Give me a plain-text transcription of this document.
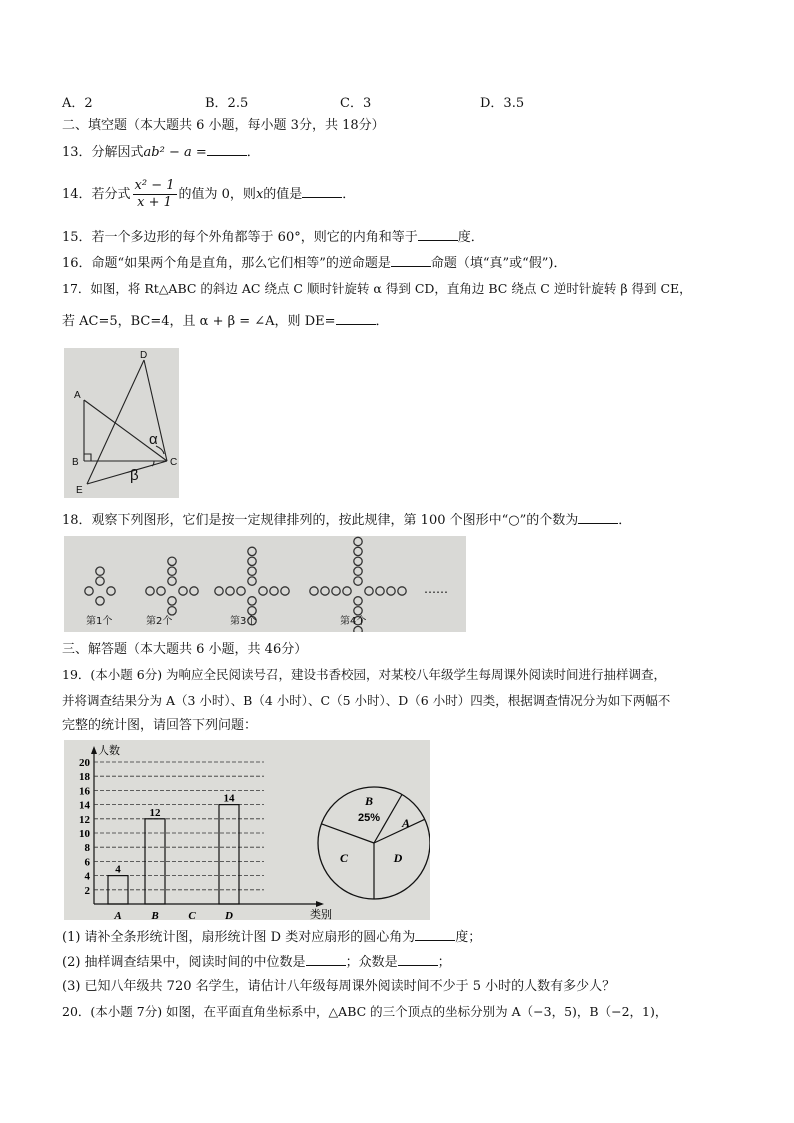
A．2	B．2.5	C．3	D．3.5
二、填空题（本大题共 6 小题，每小题 3分，共 18分）
13．分解因式ab² − a =	．
14．若分式 $\frac{\text{x² − 1}}{x + 1}$ 的值为 0，则x的值是	．
15．若一个多边形的每个外角都等于 60°，则它的内角和等于	度．
16．命题“如果两个角是直角，那么它们相等”的逆命题是	命题（填“真”或“假”)．
17．如图，将 Rt△ABC 的斜边 AC 绕点 C 顺时针旋转 α 得到 CD，直角边 BC 绕点 C 逆时针旋转 β 得到 CE，
若 AC=5，BC=4，且 α + β = ∠A，则 DE=	．
A
B	C
D
E
α
β
18．观察下列图形，它们是按一定规律排列的，按此规律，第 100 个图形中“○”的个数为	．
第1个	第2个	第3个	第4个
……
三、解答题（本大题共 6 小题，共 46分）
19．(本小题 6分) 为响应全民阅读号召，建设书香校园，对某校八年级学生每周课外阅读时间进行抽样调查，
并将调查结果分为 A（3 小时）、B（4 小时）、C（5 小时）、D（6 小时）四类，根据调查情况分为如下两幅不
完整的统计图，请回答下列问题：
人数
类别
2
4
6
8
10
12
14
16
18
20
A
4
B
12
C	D
14	B
25% A
D
C
(1) 请补全条形统计图，扇形统计图 D 类对应扇形的圆心角为	度；
(2) 抽样调查结果中，阅读时间的中位数是	；众数是	；
(3) 已知八年级共 720 名学生，请估计八年级每周课外阅读时间不少于 5 小时的人数有多少人？
20．(本小题 7分) 如图，在平面直角坐标系中，△ABC 的三个顶点的坐标分别为 A（−3，5)，B（−2，1)，
